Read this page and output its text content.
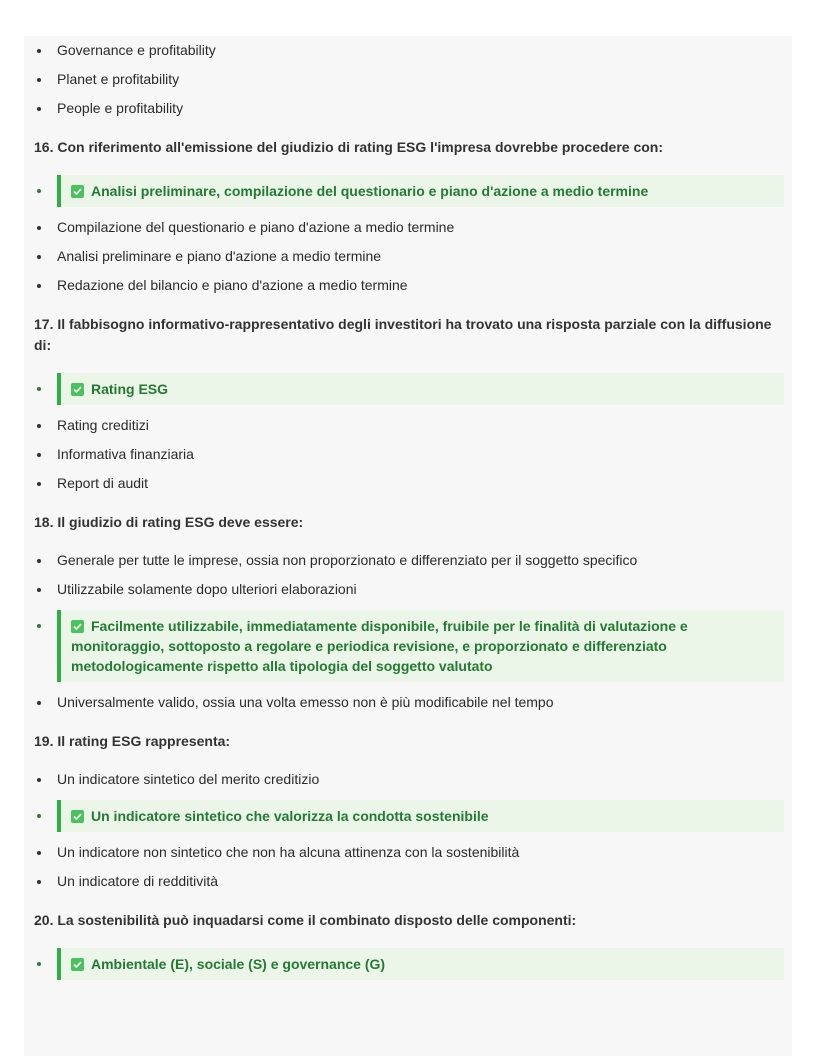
Governance e profitability
Planet e profitability
People e profitability
16. Con riferimento all'emissione del giudizio di rating ESG l'impresa dovrebbe procedere con:
Analisi preliminare, compilazione del questionario e piano d'azione a medio termine
Compilazione del questionario e piano d'azione a medio termine
Analisi preliminare e piano d'azione a medio termine
Redazione del bilancio e piano d'azione a medio termine
17. Il fabbisogno informativo-rappresentativo degli investitori ha trovato una risposta parziale con la diffusione di:
Rating ESG
Rating creditizi
Informativa finanziaria
Report di audit
18. Il giudizio di rating ESG deve essere:
Generale per tutte le imprese, ossia non proporzionato e differenziato per il soggetto specifico
Utilizzabile solamente dopo ulteriori elaborazioni
Facilmente utilizzabile, immediatamente disponibile, fruibile per le finalità di valutazione e monitoraggio, sottoposto a regolare e periodica revisione, e proporzionato e differenziato metodologicamente rispetto alla tipologia del soggetto valutato
Universalmente valido, ossia una volta emesso non è più modificabile nel tempo
19. Il rating ESG rappresenta:
Un indicatore sintetico del merito creditizio
Un indicatore sintetico che valorizza la condotta sostenibile
Un indicatore non sintetico che non ha alcuna attinenza con la sostenibilità
Un indicatore di redditività
20. La sostenibilità può inquadarsi come il combinato disposto delle componenti:
Ambientale (E), sociale (S) e governance (G)
